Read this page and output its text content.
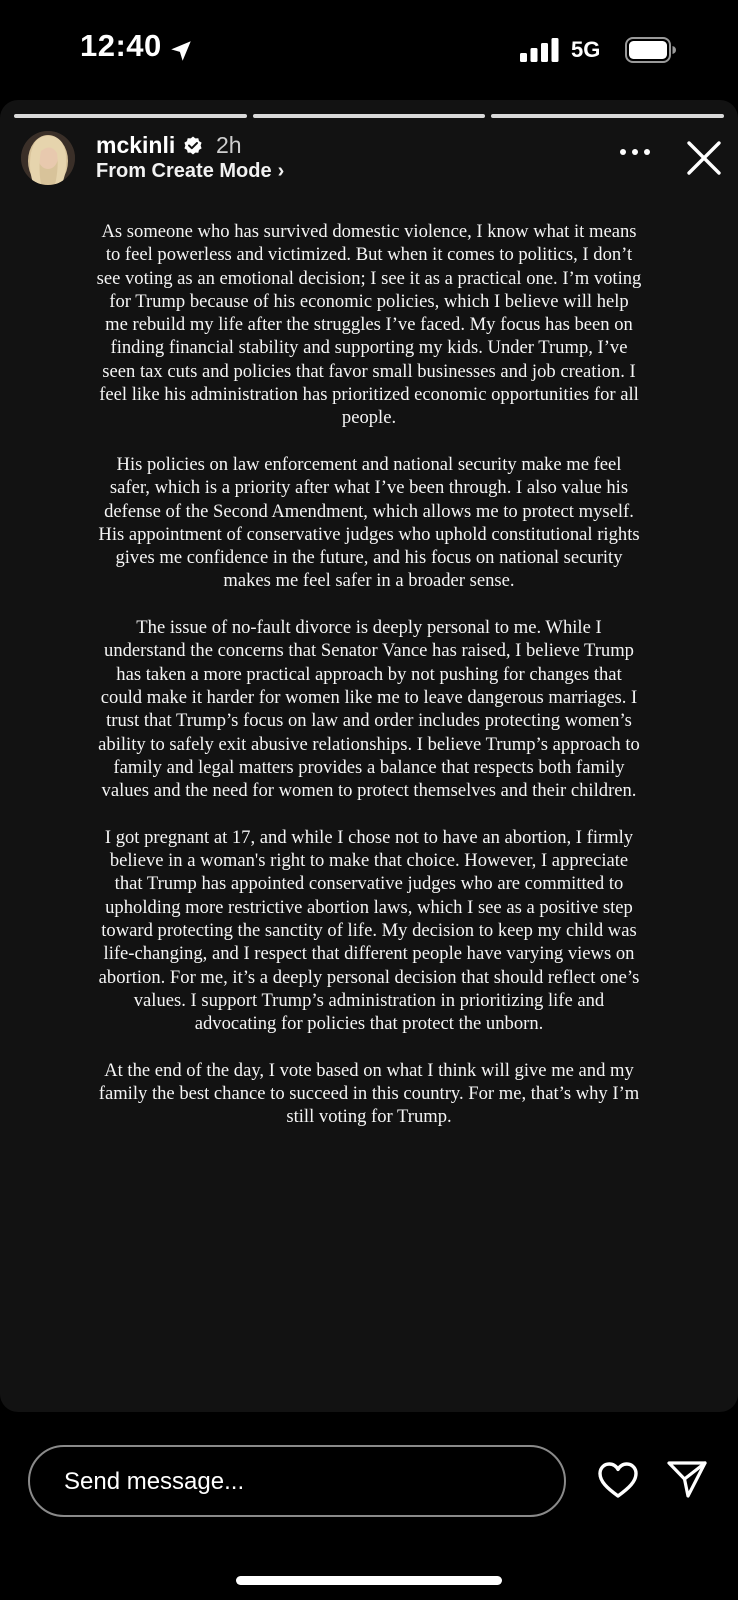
12:40	5G
mckinli 2h
From Create Mode ›

As someone who has survived domestic violence, I know what it means to feel powerless and victimized. But when it comes to politics, I don’t see voting as an emotional decision; I see it as a practical one. I’m voting for Trump because of his economic policies, which I believe will help me rebuild my life after the struggles I’ve faced. My focus has been on finding financial stability and supporting my kids. Under Trump, I’ve seen tax cuts and policies that favor small businesses and job creation. I feel like his administration has prioritized economic opportunities for all people.

His policies on law enforcement and national security make me feel safer, which is a priority after what I’ve been through. I also value his defense of the Second Amendment, which allows me to protect myself. His appointment of conservative judges who uphold constitutional rights gives me confidence in the future, and his focus on national security makes me feel safer in a broader sense.

The issue of no-fault divorce is deeply personal to me. While I understand the concerns that Senator Vance has raised, I believe Trump has taken a more practical approach by not pushing for changes that could make it harder for women like me to leave dangerous marriages. I trust that Trump’s focus on law and order includes protecting women’s ability to safely exit abusive relationships. I believe Trump’s approach to family and legal matters provides a balance that respects both family values and the need for women to protect themselves and their children.

I got pregnant at 17, and while I chose not to have an abortion, I firmly believe in a woman's right to make that choice. However, I appreciate that Trump has appointed conservative judges who are committed to upholding more restrictive abortion laws, which I see as a positive step toward protecting the sanctity of life. My decision to keep my child was life-changing, and I respect that different people have varying views on abortion. For me, it’s a deeply personal decision that should reflect one’s values. I support Trump’s administration in prioritizing life and advocating for policies that protect the unborn.

At the end of the day, I vote based on what I think will give me and my family the best chance to succeed in this country. For me, that’s why I’m still voting for Trump.

Send message...
